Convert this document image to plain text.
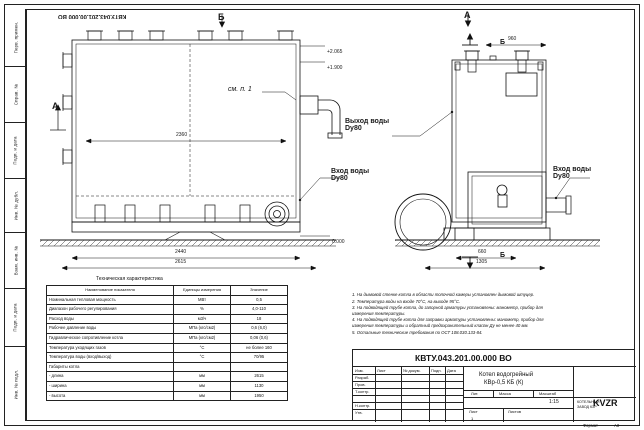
Перв. примен.
Справ. №
Подп. и дата
Инв. № дубл.
Взам. инв. №
Подп. и дата
Инв. № подл.
Б
А
А
Б
Б
см. п. 1
+2.065
+1.900
0.000
2360
2440
2615
960
660
1305
Вход воды
Dy80
Выход воды
Dy80
Вход воды
Dy80
КВТУ.043.201.00.000 ВО
Техническая характеристика
Наименование показателя	Единицы измерения	Значение
Номинальная тепловая мощность	МВт	0,5
Диапазон рабочего регулирования	%	4,0-110
Расход воды	м3/ч	18
Рабочее давление воды	МПа (кгс/см2)	0,6 (6,0)
Гидравлическое сопротивление котла	МПа (кгс/см2)	0,06 (0,6)
Температура уходящих газов	°С	не более 160
Температура воды (вход/выход)	°С	70/95
Габариты котла		
- длина	мм	2615
- ширина	мм	1130
- высота	мм	1950
1. На дымовой стенке котла в области топочной камеры установлен дымовой штуцер.
2. Температура воды на входе 70°С, на выходе 95°С.
3. На подводящей трубе котла, до запорной арматуры установлены: манометр, прибор для измерения температуры.
4. На подводящей трубе котла для заправки арматуры установлены: манометр, прибор для измерения температуры и обратный предохранительный клапан Ду не менее 40 мм.
5. Остальные технические требования по ОСТ 108.030.133-84.
КВТУ.043.201.00.000 ВО
Изм.	Лист	№ докум.	Подп. Дата
Разраб.
Пров.
Т.контр.
Н.контр.
Утв.
Котел водогрейный
КВр-0,5 КБ (К)
Лит.	Масса	Масштаб
1:15
Лист
1
Листов
КОТЕЛЬНЫЙ
ЗАВОД КЗР
KVZR
Формат	А3
